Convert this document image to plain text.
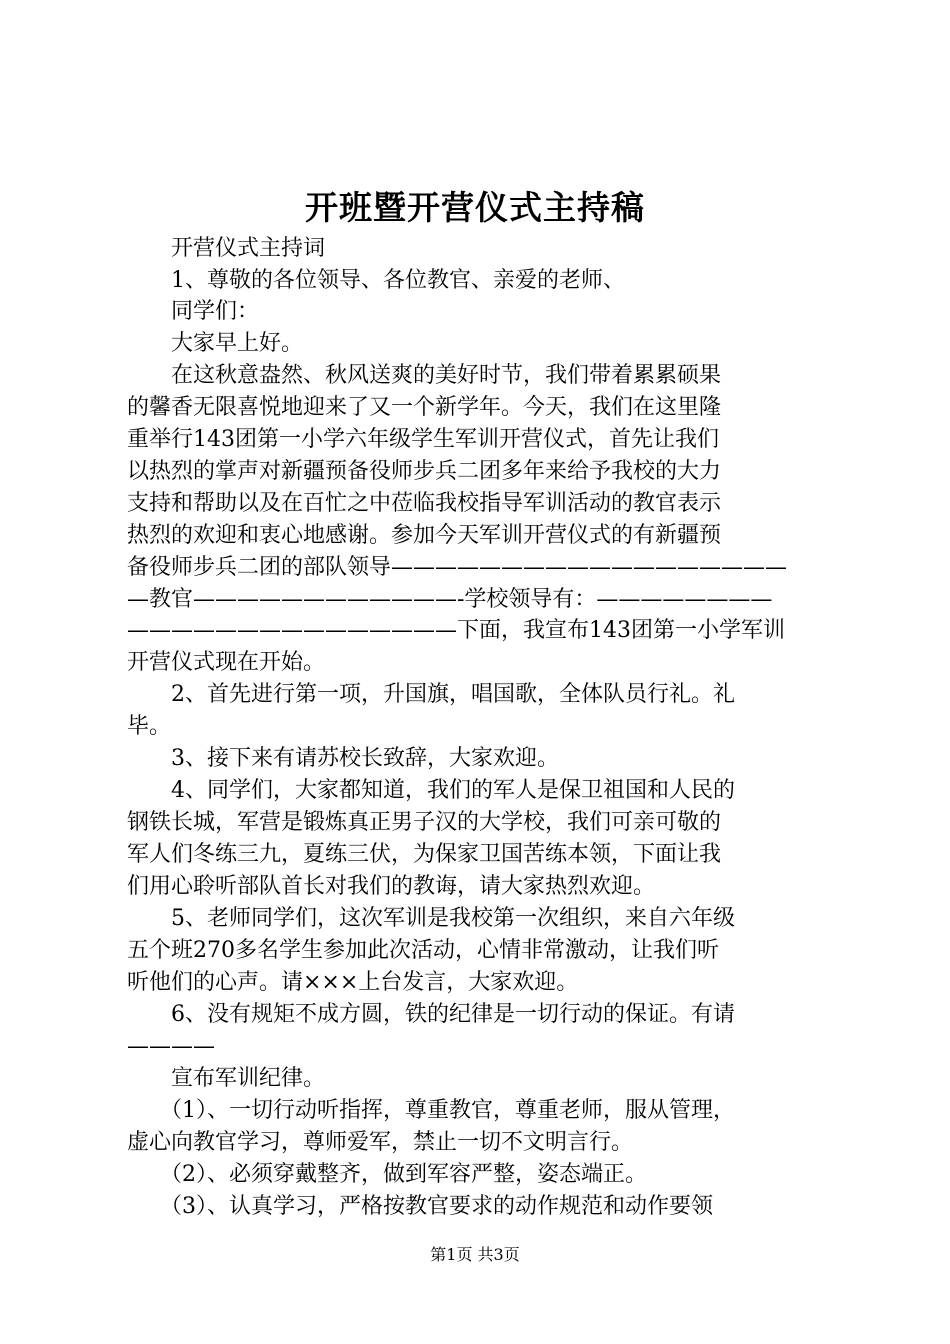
开班暨开营仪式主持稿
　　开营仪式主持词
　　1、尊敬的各位领导、各位教官、亲爱的老师、
　　同学们：
　　大家早上好。
　　在这秋意盎然、秋风送爽的美好时节，我们带着累累硕果
的馨香无限喜悦地迎来了又一个新学年。今天，我们在这里隆
重举行143团第一小学六年级学生军训开营仪式，首先让我们
以热烈的掌声对新疆预备役师步兵二团多年来给予我校的大力
支持和帮助以及在百忙之中莅临我校指导军训活动的教官表示
热烈的欢迎和衷心地感谢。参加今天军训开营仪式的有新疆预
备役师步兵二团的部队领导——————————————————
—教官————————————-学校领导有：————————
———————————————下面，我宣布143团第一小学军训
开营仪式现在开始。
　　2、首先进行第一项，升国旗，唱国歌，全体队员行礼。礼
毕。
　　3、接下来有请苏校长致辞，大家欢迎。
　　4、同学们，大家都知道，我们的军人是保卫祖国和人民的
钢铁长城，军营是锻炼真正男子汉的大学校，我们可亲可敬的
军人们冬练三九，夏练三伏，为保家卫国苦练本领，下面让我
们用心聆听部队首长对我们的教诲，请大家热烈欢迎。
　　5、老师同学们，这次军训是我校第一次组织，来自六年级
五个班270多名学生参加此次活动，心情非常激动，让我们听
听他们的心声。请×××上台发言，大家欢迎。
　　6、没有规矩不成方圆，铁的纪律是一切行动的保证。有请
————
　　宣布军训纪律。
　　（1）、一切行动听指挥，尊重教官，尊重老师，服从管理，
虚心向教官学习，尊师爱军，禁止一切不文明言行。
　　（2）、必须穿戴整齐，做到军容严整，姿态端正。
　　（3）、认真学习，严格按教官要求的动作规范和动作要领
第1页 共3页
